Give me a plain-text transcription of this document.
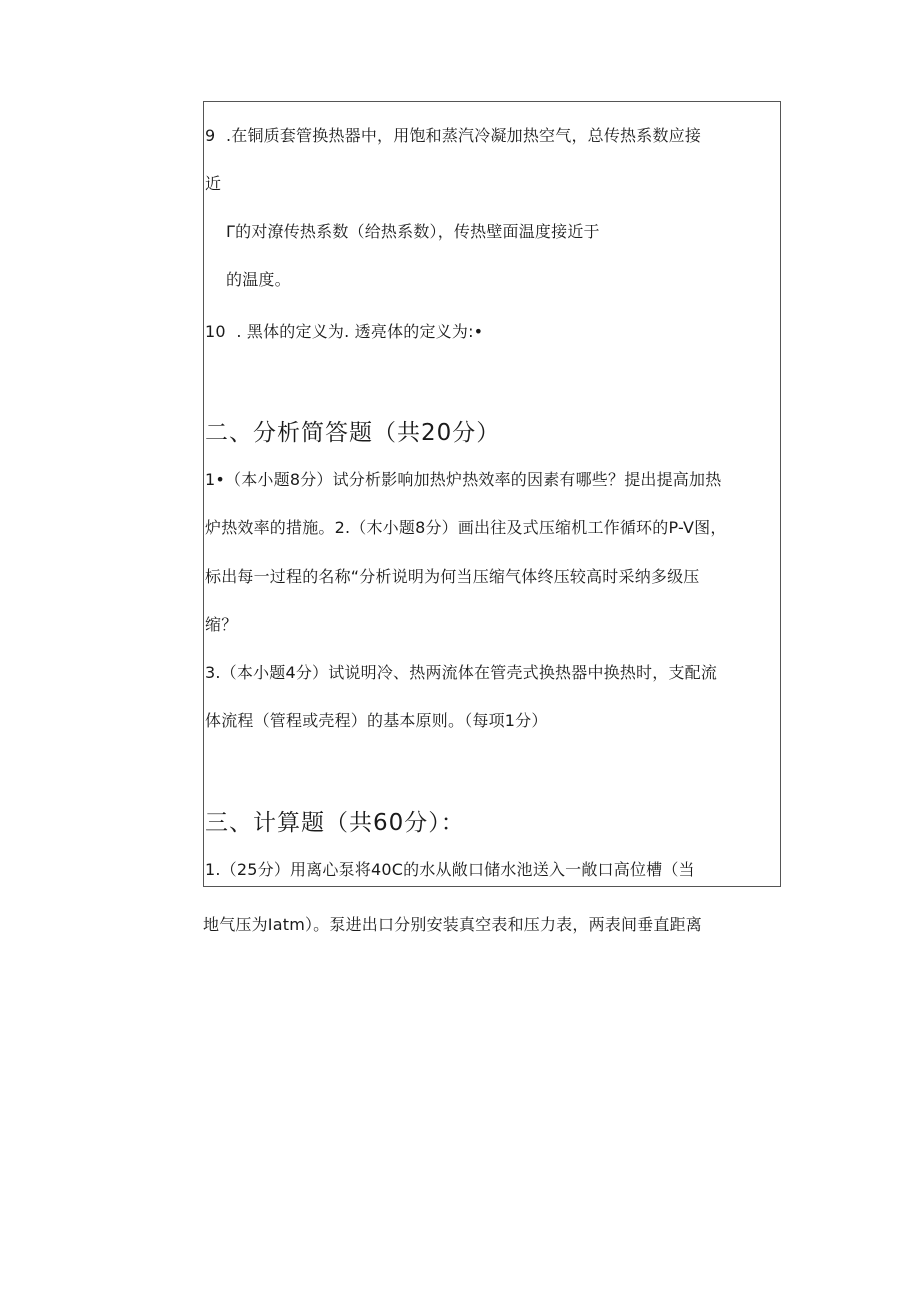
9  .在铜质套管换热器中，用饱和蒸汽冷凝加热空气，总传热系数应接
近
Γ的对潦传热系数（给热系数），传热壁面温度接近于
的温度。
10  . 黑体的定义为. 透亮体的定义为:•
二、分析简答题（共20分）
1•（本小题8分）试分析影响加热炉热效率的因素有哪些？提出提高加热
炉热效率的措施。2.（木小题8分）画出往及式压缩机工作循环的P-V图，
标出每一过程的名称“分析说明为何当压缩气体终压较高时采纳多级压
缩？
3.（本小题4分）试说明冷、热两流体在管壳式换热器中换热时，支配流
体流程（管程或壳程）的基本原则。（每项1分）
三、计算题（共60分）：
1.（25分）用离心泵将40C的水从敞口储水池送入一敞口高位槽（当
地气压为Iatm）。泵进出口分别安装真空表和压力表，两表间垂直距离
